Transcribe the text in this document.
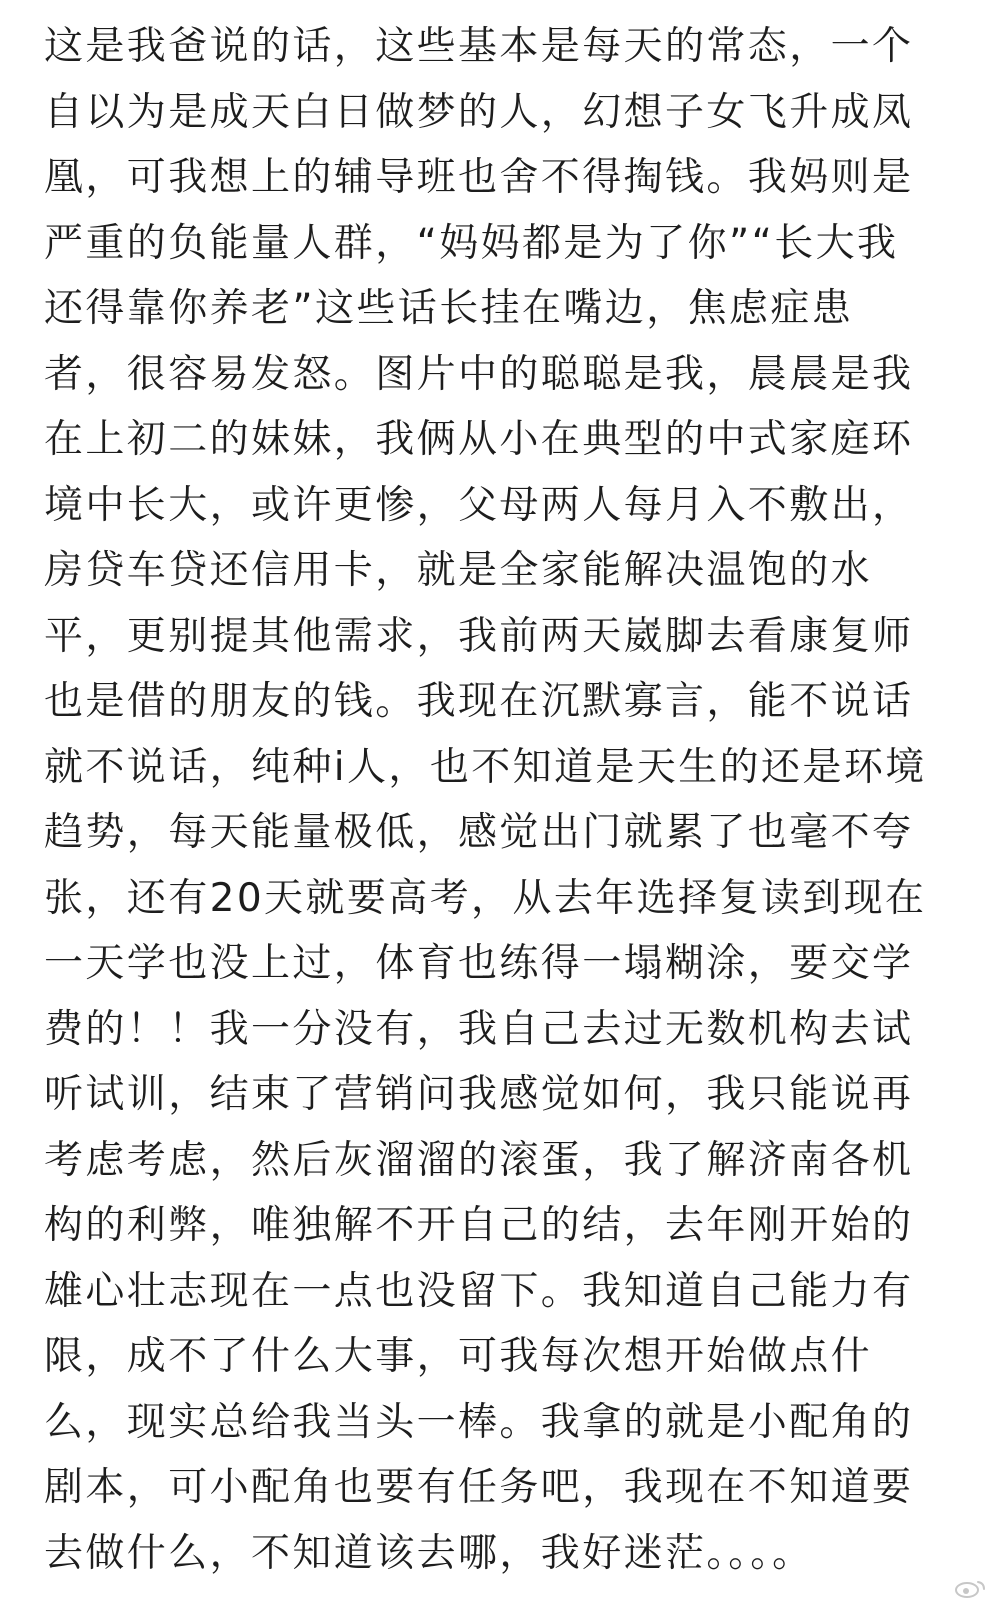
这是我爸说的话，这些基本是每天的常态，一个
自以为是成天白日做梦的人，幻想子女飞升成凤
凰，可我想上的辅导班也舍不得掏钱。我妈则是
严重的负能量人群，“妈妈都是为了你”“长大我
还得靠你养老”这些话长挂在嘴边，焦虑症患
者，很容易发怒。图片中的聪聪是我，晨晨是我
在上初二的妹妹，我俩从小在典型的中式家庭环
境中长大，或许更惨，父母两人每月入不敷出，
房贷车贷还信用卡，就是全家能解决温饱的水
平，更别提其他需求，我前两天崴脚去看康复师
也是借的朋友的钱。我现在沉默寡言，能不说话
就不说话，纯种i人，也不知道是天生的还是环境
趋势，每天能量极低，感觉出门就累了也毫不夸
张，还有20天就要高考，从去年选择复读到现在
一天学也没上过，体育也练得一塌糊涂，要交学
费的！！我一分没有，我自己去过无数机构去试
听试训，结束了营销问我感觉如何，我只能说再
考虑考虑，然后灰溜溜的滚蛋，我了解济南各机
构的利弊，唯独解不开自己的结，去年刚开始的
雄心壮志现在一点也没留下。我知道自己能力有
限，成不了什么大事，可我每次想开始做点什
么，现实总给我当头一棒。我拿的就是小配角的
剧本，可小配角也要有任务吧，我现在不知道要
去做什么，不知道该去哪，我好迷茫。。。。
